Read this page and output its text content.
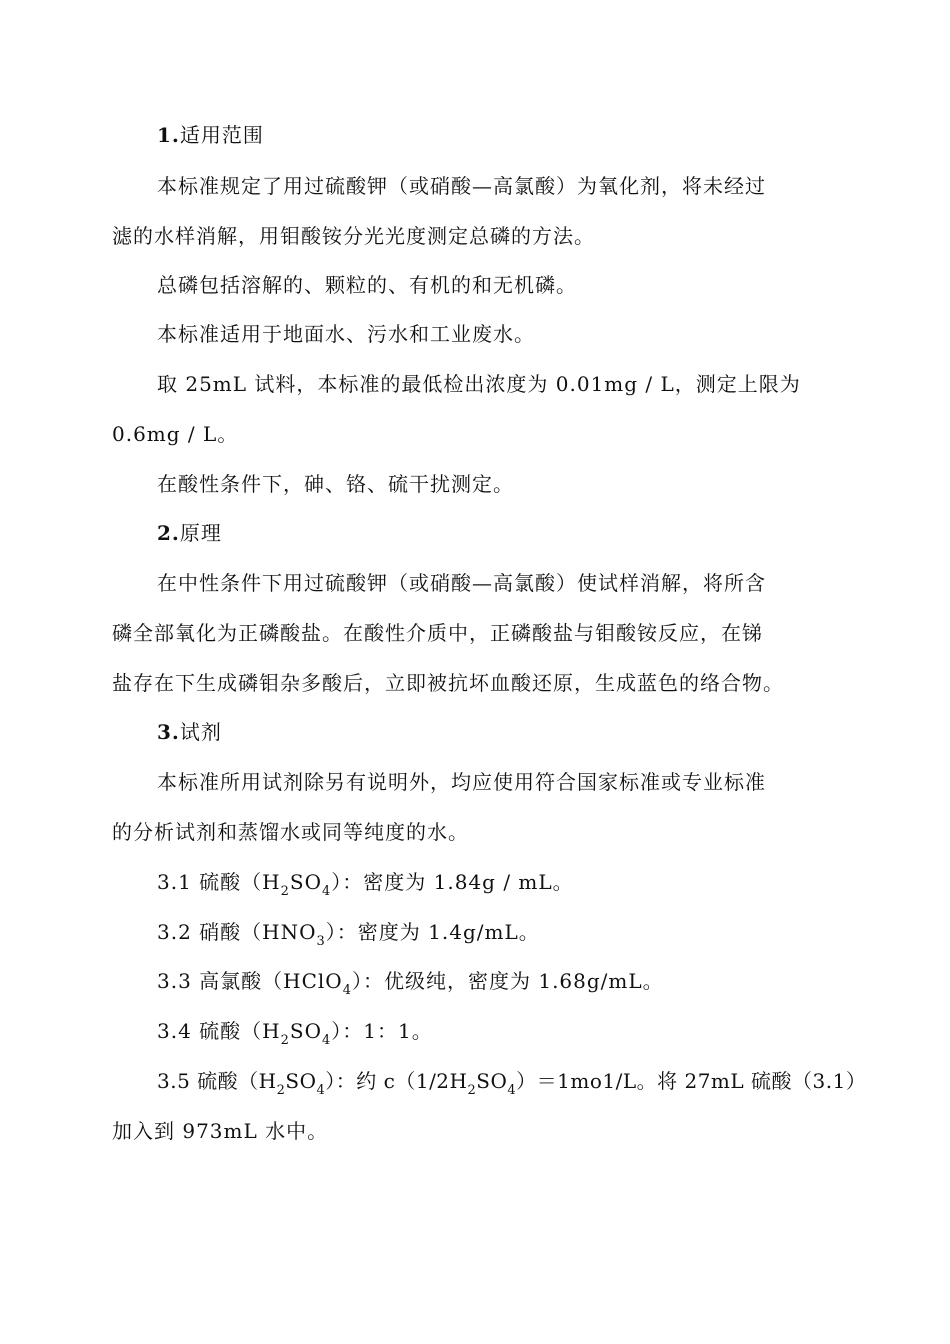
1.适用范围
本标准规定了用过硫酸钾（或硝酸—高氯酸）为氧化剂，将未经过
滤的水样消解，用钼酸铵分光光度测定总磷的方法。
总磷包括溶解的、颗粒的、有机的和无机磷。
本标准适用于地面水、污水和工业废水。
取 25mL 试料，本标准的最低检出浓度为 0.01mg / L，测定上限为
0.6mg / L。
在酸性条件下，砷、铬、硫干扰测定。
2.原理
在中性条件下用过硫酸钾（或硝酸—高氯酸）使试样消解，将所含
磷全部氧化为正磷酸盐。在酸性介质中，正磷酸盐与钼酸铵反应，在锑
盐存在下生成磷钼杂多酸后，立即被抗坏血酸还原，生成蓝色的络合物。
3.试剂
本标准所用试剂除另有说明外，均应使用符合国家标准或专业标准
的分析试剂和蒸馏水或同等纯度的水。
3.1 硫酸$(H_2SO_4)$：密度为 1.84g / mL。
3.2 硝酸$(HNO_3)$：密度为 1.4g/mL。
3.3 高氯酸（HClO$_4$）：优级纯，密度为 1.68g/mL。
3.4 硫酸$(H_2SO_4)$：1：1。
3.5 硫酸$(H_2SO_4)$：约 $c(1/2H_2SO_4)=1mo1/L$。将 27mL 硫酸（3.1）
加入到 973mL 水中。
